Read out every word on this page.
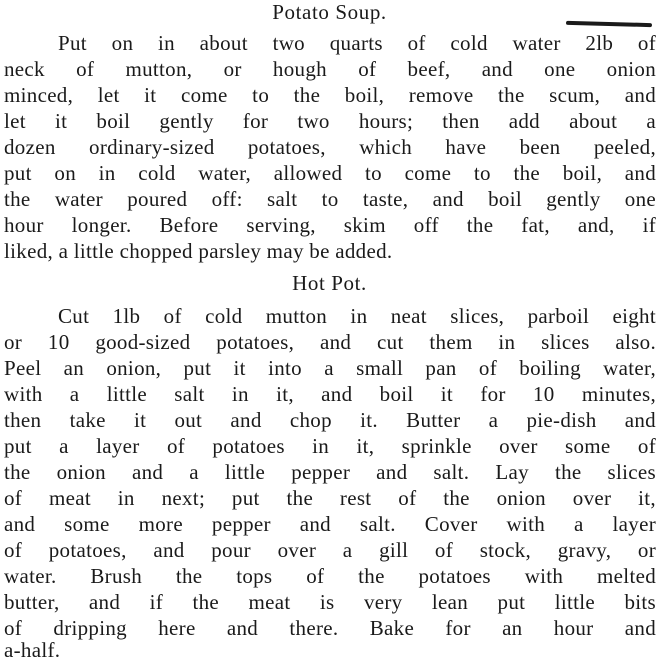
Potato Soup.
Put on in about two quarts of cold water 2lb of
neck of mutton, or hough of beef, and one onion
minced, let it come to the boil, remove the scum, and
let it boil gently for two hours; then add about a
dozen ordinary-sized potatoes, which have been peeled,
put on in cold water, allowed to come to the boil, and
the water poured off: salt to taste, and boil gently one
hour longer. Before serving, skim off the fat, and, if
liked, a little chopped parsley may be added.
Hot Pot.
Cut 1lb of cold mutton in neat slices, parboil eight
or 10 good-sized potatoes, and cut them in slices also.
Peel an onion, put it into a small pan of boiling water,
with a little salt in it, and boil it for 10 minutes,
then take it out and chop it. Butter a pie-dish and
put a layer of potatoes in it, sprinkle over some of
the onion and a little pepper and salt. Lay the slices
of meat in next; put the rest of the onion over it,
and some more pepper and salt. Cover with a layer
of potatoes, and pour over a gill of stock, gravy, or
water. Brush the tops of the potatoes with melted
butter, and if the meat is very lean put little bits
of dripping here and there. Bake for an hour and
a-half.
